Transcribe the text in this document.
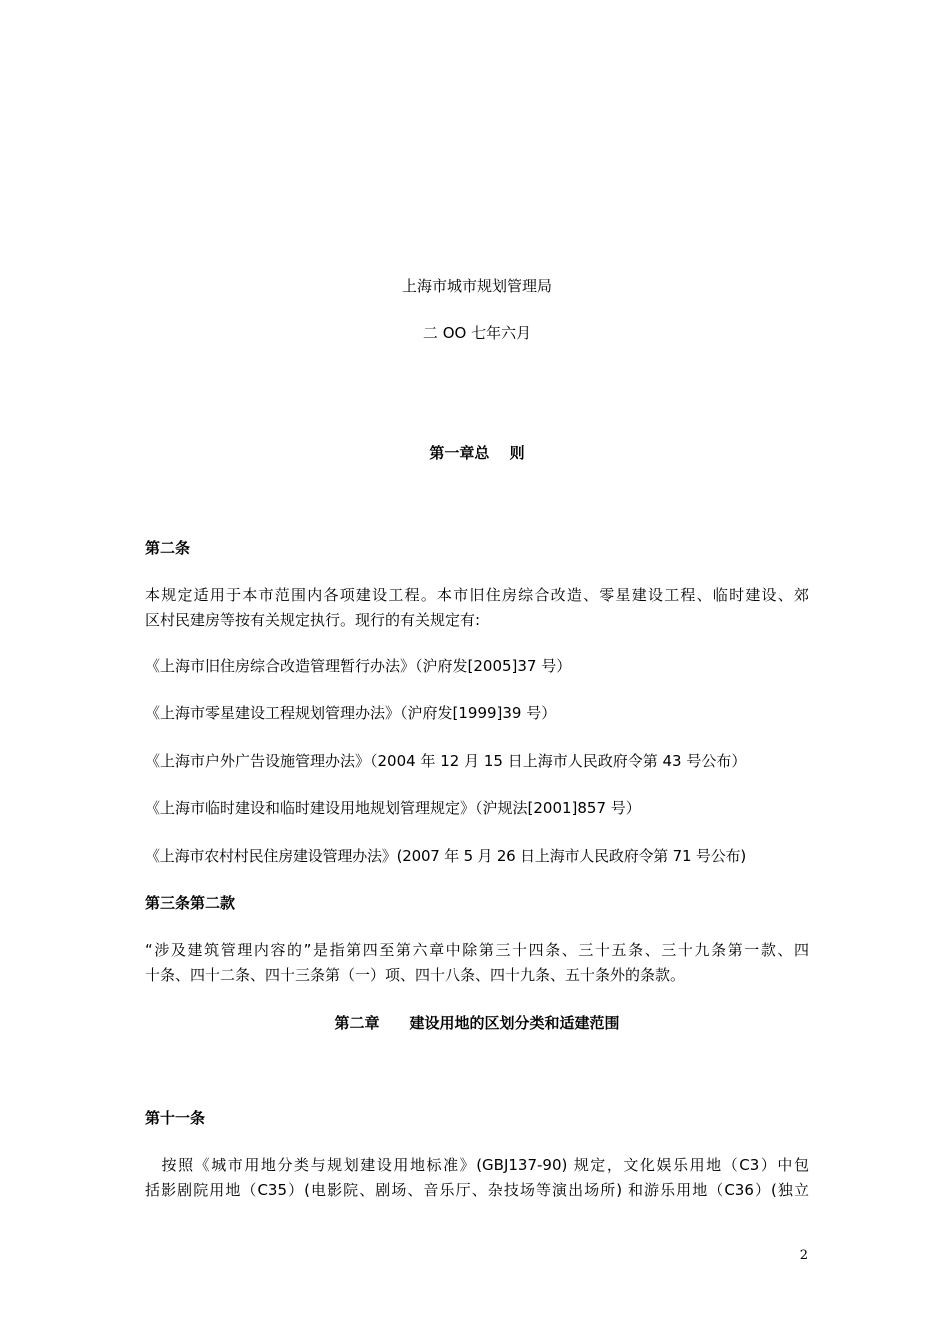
上海市城市规划管理局
二 OO 七年六月
第一章总　 则
第二条
本规定适用于本市范围内各项建设工程。本市旧住房综合改造、零星建设工程、临时建设、郊
区村民建房等按有关规定执行。现行的有关规定有:
《上海市旧住房综合改造管理暂行办法》（沪府发[2005]37 号）
《上海市零星建设工程规划管理办法》（沪府发[1999]39 号）
《上海市户外广告设施管理办法》（2004 年 12 月 15 日上海市人民政府令第 43 号公布）
《上海市临时建设和临时建设用地规划管理规定》（沪规法[2001]857 号）
《上海市农村村民住房建设管理办法》(2007 年 5 月 26 日上海市人民政府令第 71 号公布)
第三条第二款
“涉及建筑管理内容的”是指第四至第六章中除第三十四条、三十五条、三十九条第一款、四
十条、四十二条、四十三条第（一）项、四十八条、四十九条、五十条外的条款。
第二章　　建设用地的区划分类和适建范围
第十一条
　按照《城市用地分类与规划建设用地标准》(GBJ137-90) 规定，文化娱乐用地（C3）中包
括影剧院用地（C35）(电影院、剧场、音乐厅、杂技场等演出场所) 和游乐用地（C36）(独立
2
